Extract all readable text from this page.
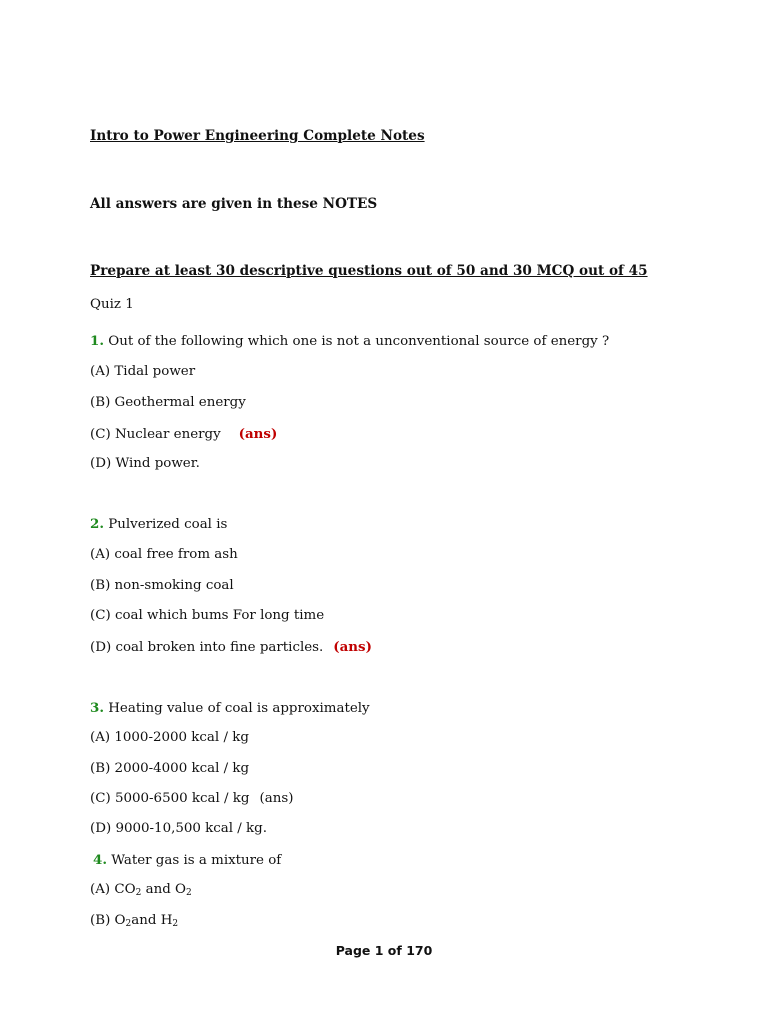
Intro to Power Engineering Complete Notes
All answers are given in these NOTES
Prepare at least 30 descriptive questions out of 50 and 30 MCQ out of 45
Quiz 1
1. Out of the following which one is not a unconventional source of energy ?
(A) Tidal power
(B) Geothermal energy
(C) Nuclear energy (ans)
(D) Wind power.
2. Pulverized coal is
(A) coal free from ash
(B) non-smoking coal
(C) coal which bums For long time
(D) coal broken into fine particles. (ans)
3. Heating value of coal is approximately
(A) 1000-2000 kcal / kg
(B) 2000-4000 kcal / kg
(C) 5000-6500 kcal / kg (ans)
(D) 9000-10,500 kcal / kg.
4. Water gas is a mixture of
(A) $CO_2$ and $O_2$
(B) $O_2and$ $H_2$
Page 1 of 170
